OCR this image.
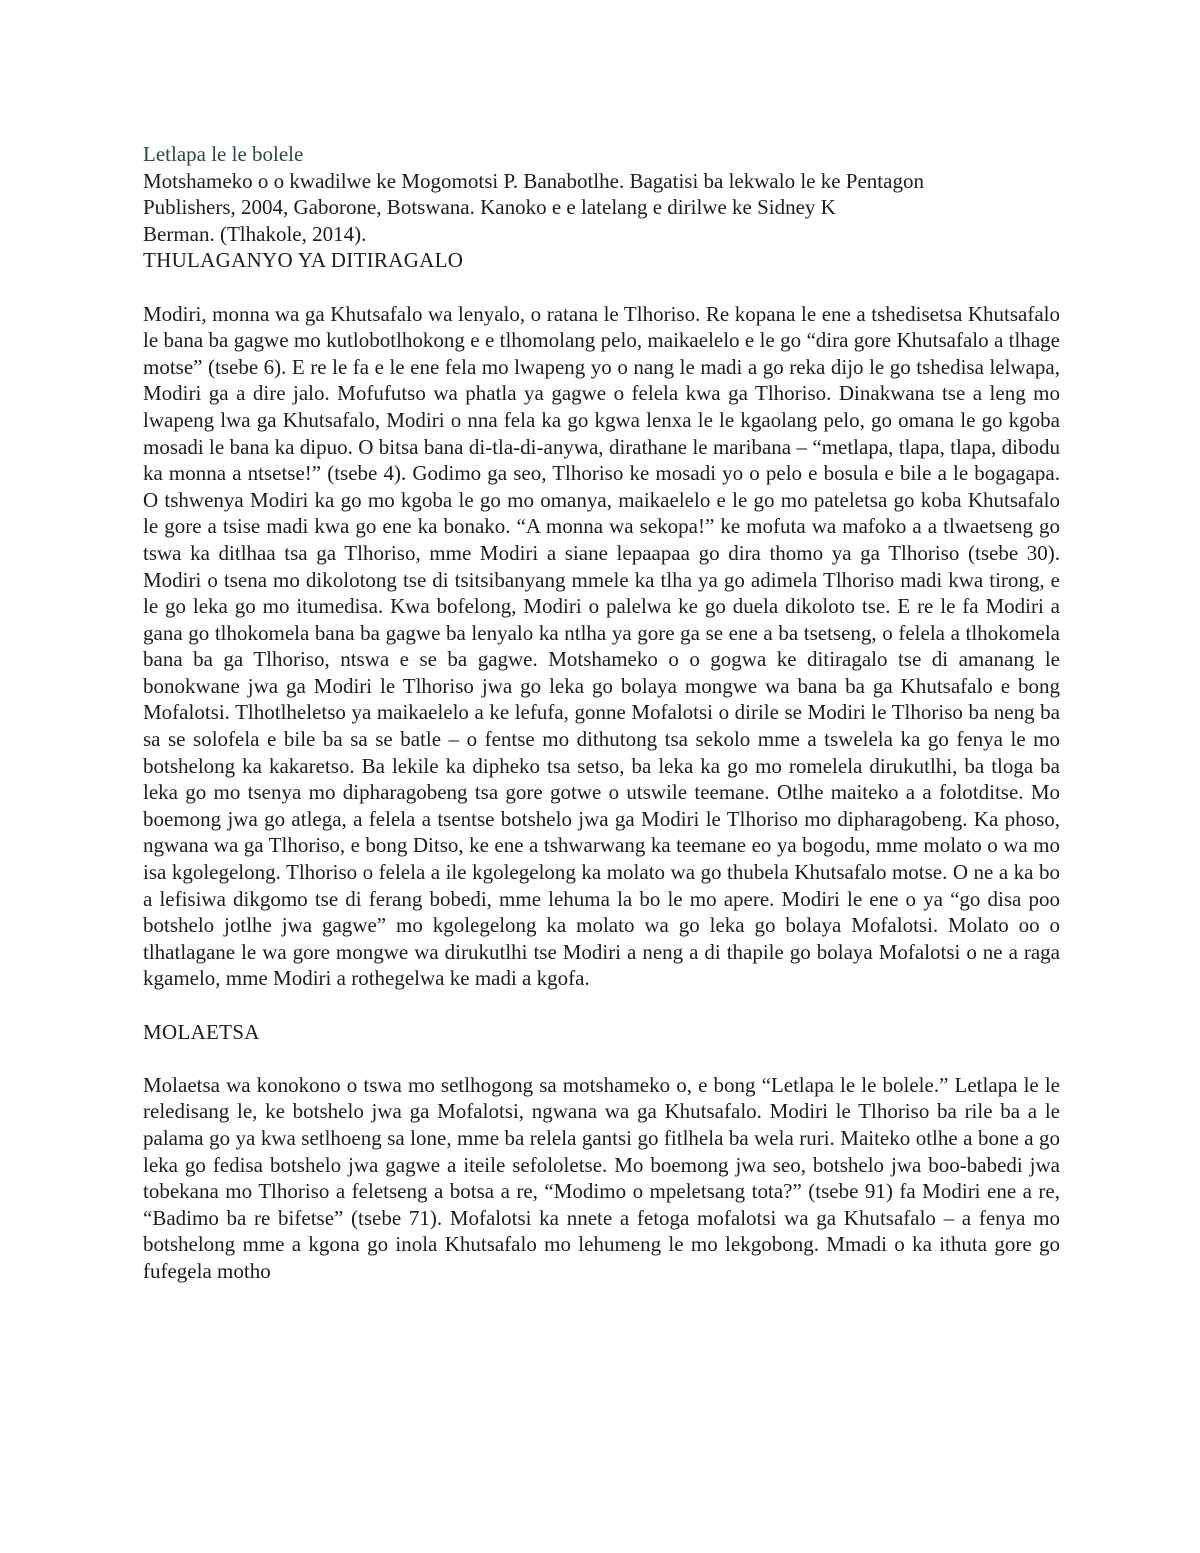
Letlapa le le bolele

Motshameko o o kwadilwe ke Mogomotsi P. Banabotlhe. Bagatisi ba lekwalo le ke Pentagon

Publishers, 2004, Gaborone, Botswana. Kanoko e e latelang e dirilwe ke Sidney K

Berman. (Tlhakole, 2014).

THULAGANYO YA DITIRAGALO

Modiri, monna wa ga Khutsafalo wa lenyalo, o ratana le Tlhoriso. Re kopana le ene a tshedisetsa Khutsafalo le bana ba gagwe mo kutlobotlhokong e e tlhomolang pelo, maikaelelo e le go “dira gore Khutsafalo a tlhage motse” (tsebe 6). E re le fa e le ene fela mo lwapeng yo o nang le madi a go reka dijo le go tshedisa lelwapa, Modiri ga a dire jalo. Mofufutso wa phatla ya gagwe o felela kwa ga Tlhoriso. Dinakwana tse a leng mo lwapeng lwa ga Khutsafalo, Modiri o nna fela ka go kgwa lenxa le le kgaolang pelo, go omana le go kgoba mosadi le bana ka dipuo. O bitsa bana di-tla-di-anywa, dirathane le maribana – “metlapa, tlapa, tlapa, dibodu ka monna a ntsetse!” (tsebe 4). Godimo ga seo, Tlhoriso ke mosadi yo o pelo e bosula e bile a le bogagapa. O tshwenya Modiri ka go mo kgoba le go mo omanya, maikaelelo e le go mo pateletsa go koba Khutsafalo le gore a tsise madi kwa go ene ka bonako. “A monna wa sekopa!” ke mofuta wa mafoko a a tlwaetseng go tswa ka ditlhaa tsa ga Tlhoriso, mme Modiri a siane lepaapaa go dira thomo ya ga Tlhoriso (tsebe 30). Modiri o tsena mo dikolotong tse di tsitsibanyang mmele ka tlha ya go adimela Tlhoriso madi kwa tirong, e le go leka go mo itumedisa. Kwa bofelong, Modiri o palelwa ke go duela dikoloto tse. E re le fa Modiri a gana go tlhokomela bana ba gagwe ba lenyalo ka ntlha ya gore ga se ene a ba tsetseng, o felela a tlhokomela bana ba ga Tlhoriso, ntswa e se ba gagwe. Motshameko o o gogwa ke ditiragalo tse di amanang le bonokwane jwa ga Modiri le Tlhoriso jwa go leka go bolaya mongwe wa bana ba ga Khutsafalo e bong Mofalotsi. Tlhotlheletso ya maikaelelo a ke lefufa, gonne Mofalotsi o dirile se Modiri le Tlhoriso ba neng ba sa se solofela e bile ba sa se batle – o fentse mo dithutong tsa sekolo mme a tswelela ka go fenya le mo botshelong ka kakaretso. Ba lekile ka dipheko tsa setso, ba leka ka go mo romelela dirukutlhi, ba tloga ba leka go mo tsenya mo dipharagobeng tsa gore gotwe o utswile teemane. Otlhe maiteko a a folotditse. Mo boemong jwa go atlega, a felela a tsentse botshelo jwa ga Modiri le Tlhoriso mo dipharagobeng. Ka phoso, ngwana wa ga Tlhoriso, e bong Ditso, ke ene a tshwarwang ka teemane eo ya bogodu, mme molato o wa mo isa kgolegelong. Tlhoriso o felela a ile kgolegelong ka molato wa go thubela Khutsafalo motse. O ne a ka bo a lefisiwa dikgomo tse di ferang bobedi, mme lehuma la bo le mo apere. Modiri le ene o ya “go disa poo botshelo jotlhe jwa gagwe” mo kgolegelong ka molato wa go leka go bolaya Mofalotsi. Molato oo o tlhatlagane le wa gore mongwe wa dirukutlhi tse Modiri a neng a di thapile go bolaya Mofalotsi o ne a raga kgamelo, mme Modiri a rothegelwa ke madi a kgofa.

MOLAETSA

Molaetsa wa konokono o tswa mo setlhogong sa motshameko o, e bong “Letlapa le le bolele.” Letlapa le le reledisang le, ke botshelo jwa ga Mofalotsi, ngwana wa ga Khutsafalo. Modiri le Tlhoriso ba rile ba a le palama go ya kwa setlhoeng sa lone, mme ba relela gantsi go fitlhela ba wela ruri. Maiteko otlhe a bone a go leka go fedisa botshelo jwa gagwe a iteile sefololetse. Mo boemong jwa seo, botshelo jwa boo-babedi jwa tobekana mo Tlhoriso a feletseng a botsa a re, “Modimo o mpeletsang tota?” (tsebe 91) fa Modiri ene a re, “Badimo ba re bifetse” (tsebe 71). Mofalotsi ka nnete a fetoga mofalotsi wa ga Khutsafalo – a fenya mo botshelong mme a kgona go inola Khutsafalo mo lehumeng le mo lekgobong. Mmadi o ka ithuta gore go fufegela motho
